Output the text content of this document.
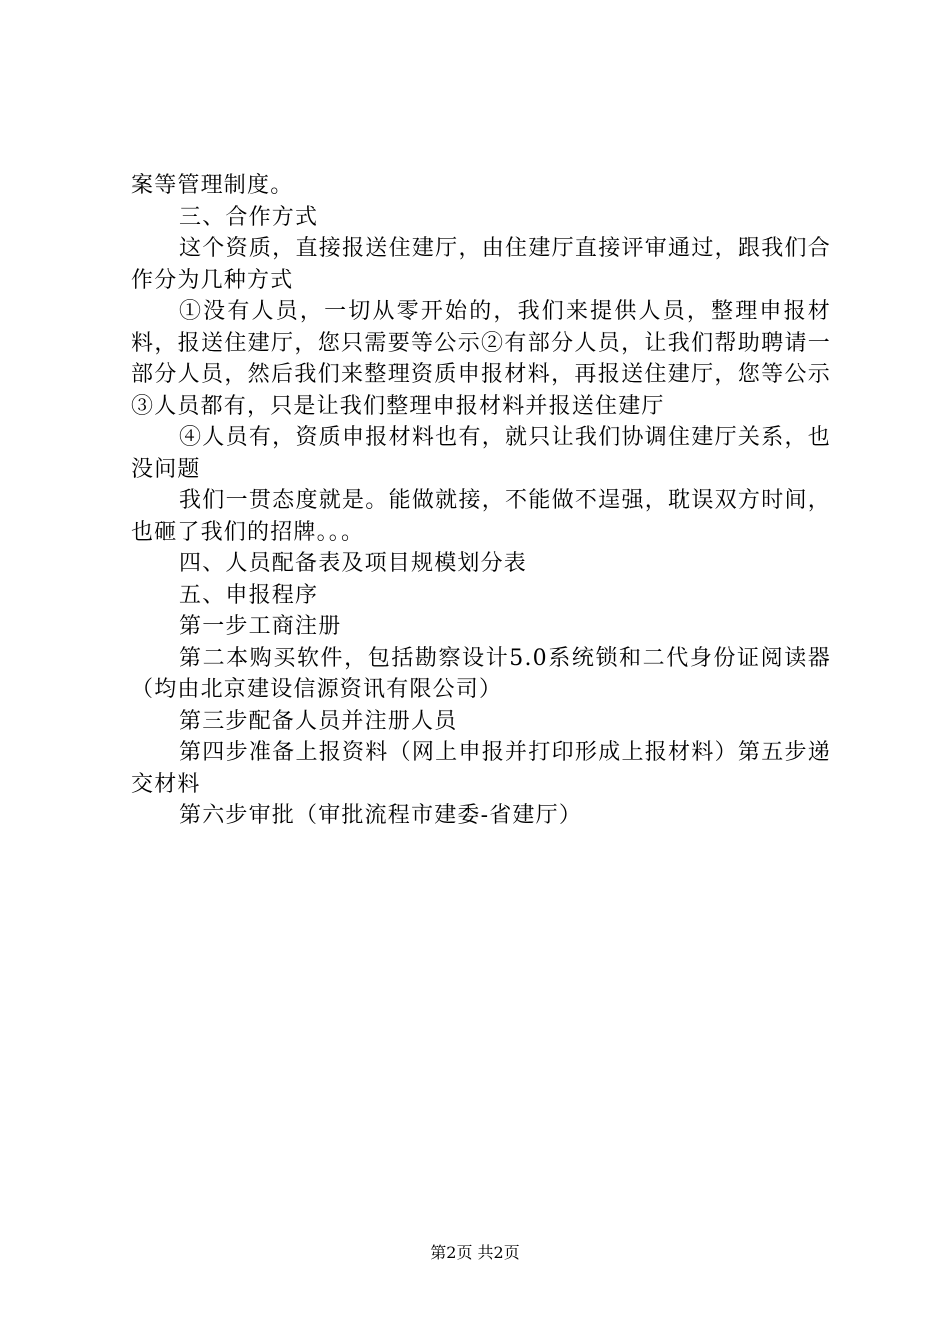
案等管理制度。

三、合作方式

这个资质，直接报送住建厅，由住建厅直接评审通过，跟我们合作分为几种方式

①没有人员，一切从零开始的，我们来提供人员，整理申报材料，报送住建厅，您只需要等公示②有部分人员，让我们帮助聘请一部分人员，然后我们来整理资质申报材料，再报送住建厅，您等公示③人员都有，只是让我们整理申报材料并报送住建厅

④人员有，资质申报材料也有，就只让我们协调住建厅关系，也没问题

我们一贯态度就是。能做就接，不能做不逞强，耽误双方时间，也砸了我们的招牌。。。

四、人员配备表及项目规模划分表

五、申报程序

第一步工商注册

第二本购买软件，包括勘察设计5.0系统锁和二代身份证阅读器（均由北京建设信源资讯有限公司）

第三步配备人员并注册人员

第四步准备上报资料（网上申报并打印形成上报材料）第五步递交材料

第六步审批（审批流程市建委-省建厅）

第2页 共2页
